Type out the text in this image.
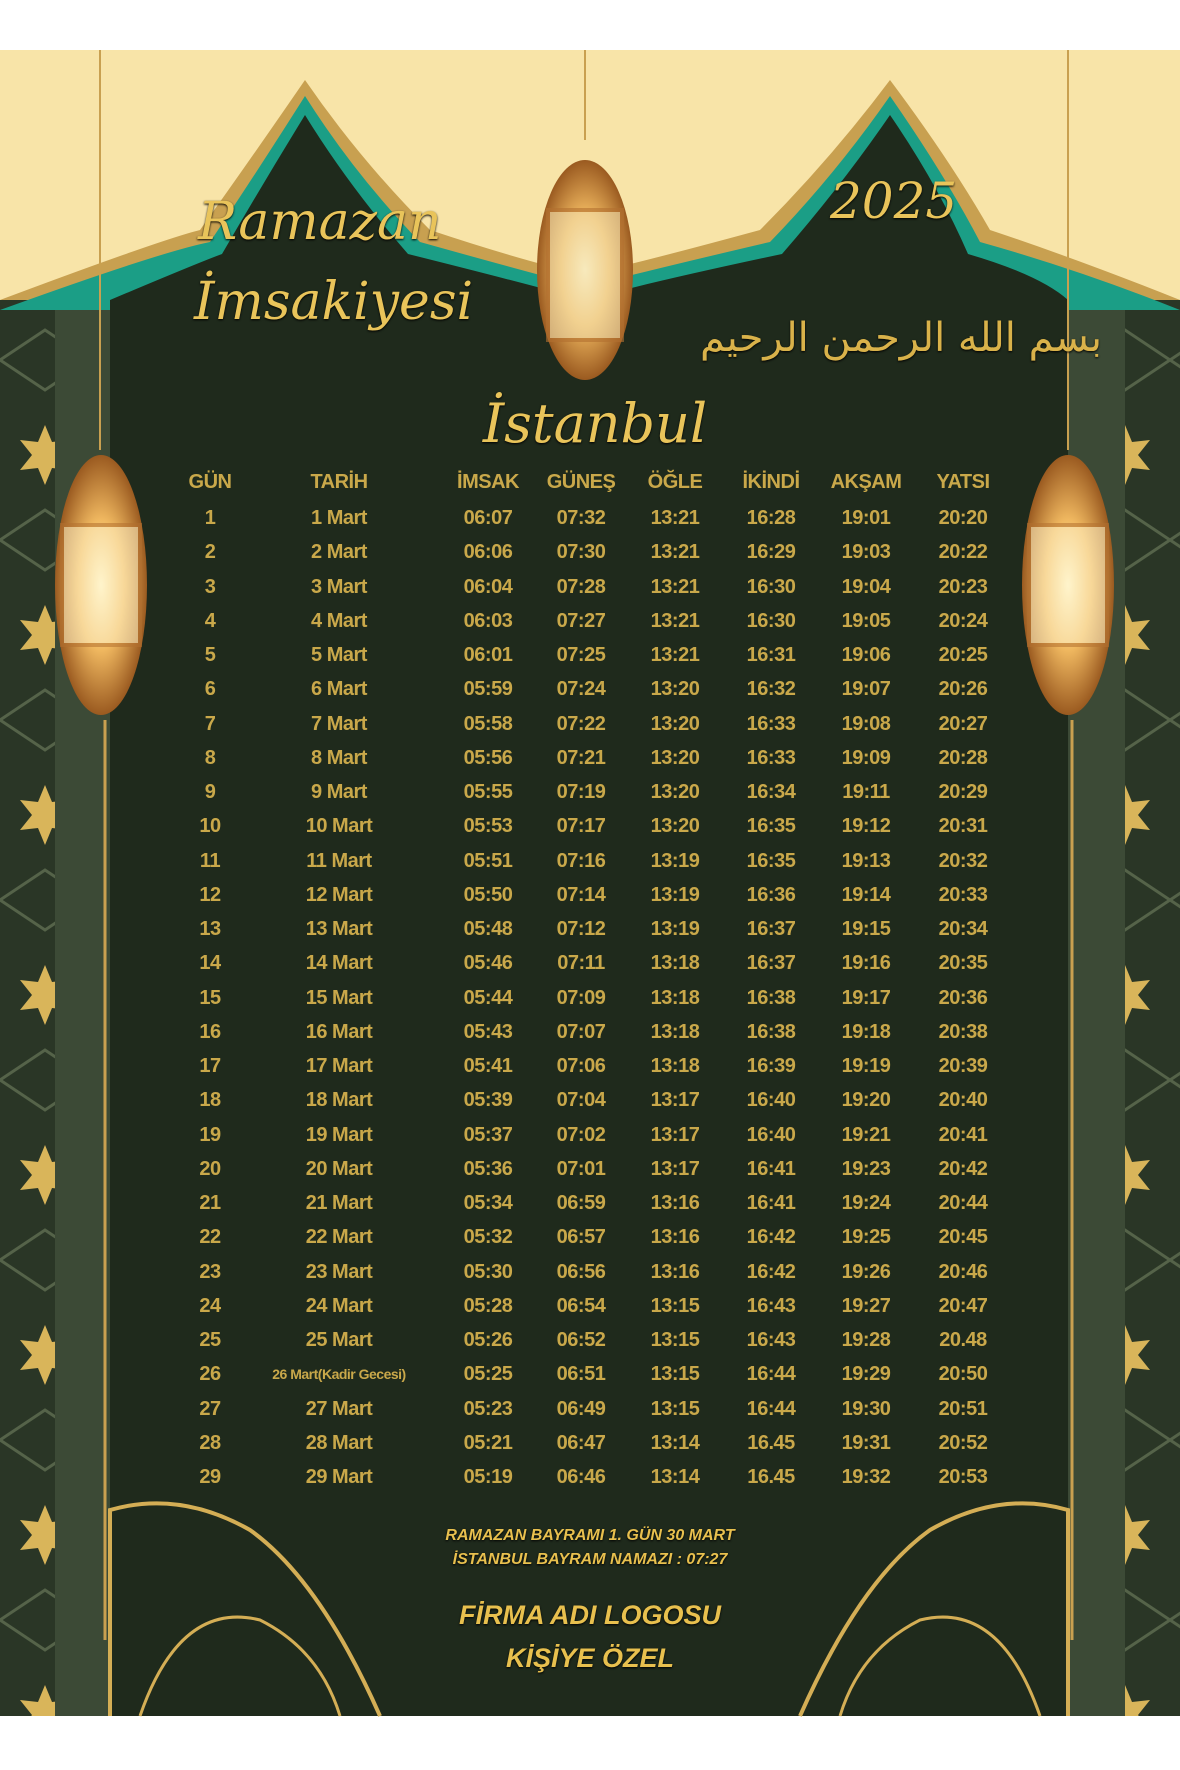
Ramazan
İmsakiyesi
2025
بسم الله الرحمن الرحيم
İstanbul
GÜN	TARİH	İMSAK GÜNEŞ ÖĞLE İKİNDİ AKŞAM YATSI
1	1 Mart	06:07 07:32 13:21 16:28 19:01 20:20
2	2 Mart	06:06 07:30 13:21 16:29 19:03 20:22
3	3 Mart	06:04 07:28 13:21 16:30 19:04 20:23
4	4 Mart	06:03 07:27 13:21 16:30 19:05 20:24
5	5 Mart	06:01 07:25 13:21 16:31 19:06 20:25
6	6 Mart	05:59 07:24 13:20 16:32 19:07 20:26
7	7 Mart	05:58 07:22 13:20 16:33 19:08 20:27
8	8 Mart	05:56 07:21 13:20 16:33 19:09 20:28
9	9 Mart	05:55 07:19 13:20 16:34 19:11 20:29
10	10 Mart	05:53 07:17 13:20 16:35 19:12 20:31
11	11 Mart	05:51 07:16 13:19 16:35 19:13 20:32
12	12 Mart	05:50 07:14 13:19 16:36 19:14 20:33
13	13 Mart	05:48 07:12 13:19 16:37 19:15 20:34
14	14 Mart	05:46 07:11 13:18 16:37 19:16 20:35
15	15 Mart	05:44 07:09 13:18 16:38 19:17 20:36
16	16 Mart	05:43 07:07 13:18 16:38 19:18 20:38
17	17 Mart	05:41 07:06 13:18 16:39 19:19 20:39
18	18 Mart	05:39 07:04 13:17 16:40 19:20 20:40
19	19 Mart	05:37 07:02 13:17 16:40 19:21 20:41
20	20 Mart	05:36 07:01 13:17 16:41 19:23 20:42
21	21 Mart	05:34 06:59 13:16 16:41 19:24 20:44
22	22 Mart	05:32 06:57 13:16 16:42 19:25 20:45
23	23 Mart	05:30 06:56 13:16 16:42 19:26 20:46
24	24 Mart	05:28 06:54 13:15 16:43 19:27 20:47
25	25 Mart	05:26 06:52 13:15 16:43 19:28 20.48
26	26 Mart(Kadir Gecesi)	05:25 06:51 13:15 16:44 19:29 20:50
27	27 Mart	05:23 06:49 13:15 16:44 19:30 20:51
28	28 Mart	05:21 06:47 13:14 16.45 19:31 20:52
29	29 Mart	05:19 06:46 13:14 16.45 19:32 20:53
RAMAZAN BAYRAMI 1. GÜN 30 MART
İSTANBUL BAYRAM NAMAZI : 07:27
FİRMA ADI LOGOSU
KİŞİYE ÖZEL
